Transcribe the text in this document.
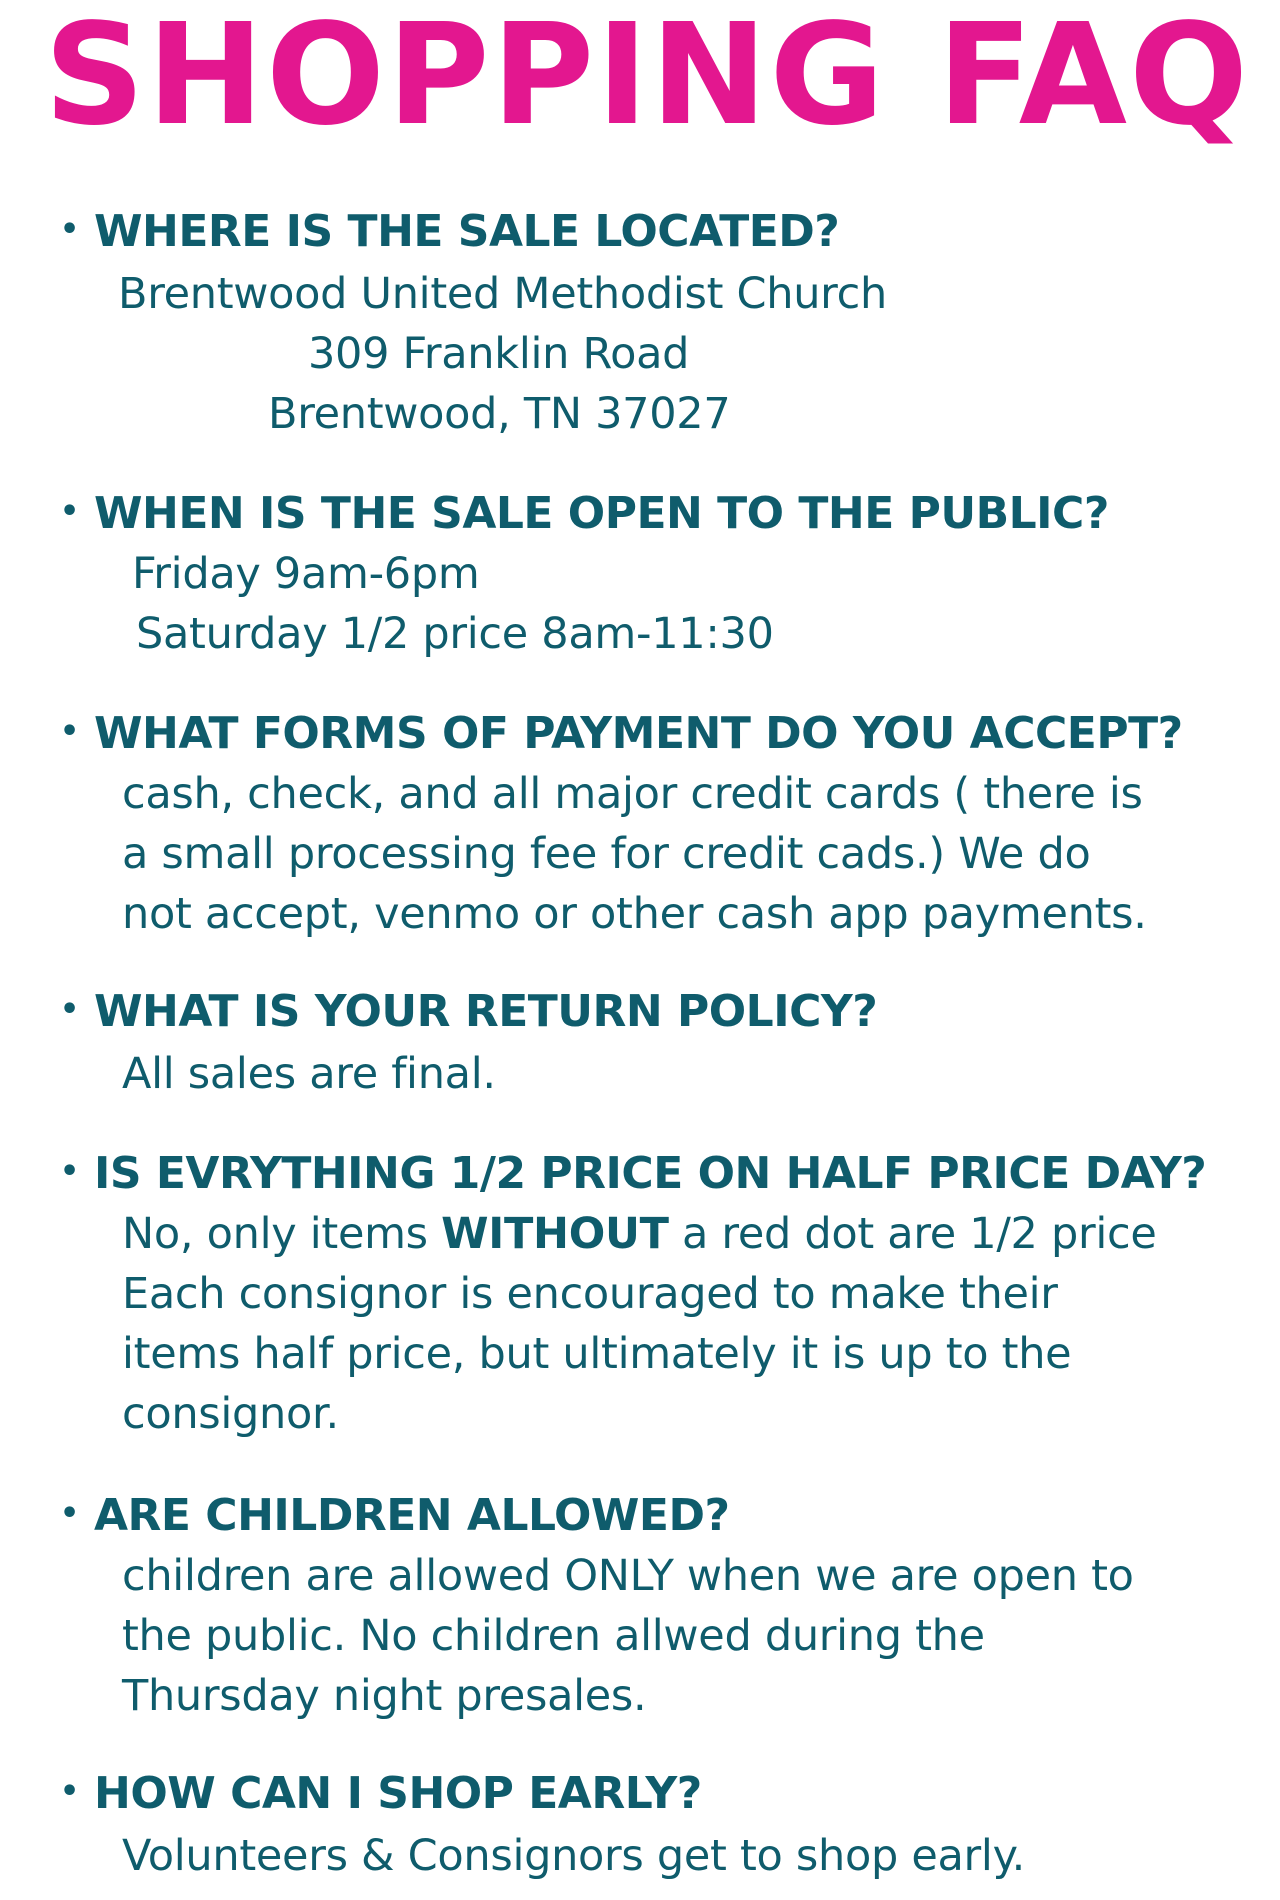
SHOPPING FAQ
• WHERE IS THE SALE LOCATED?
Brentwood United Methodist Church
309 Franklin Road
Brentwood, TN 37027
• WHEN IS THE SALE OPEN TO THE PUBLIC?
Friday 9am-6pm
Saturday 1/2 price 8am-11:30
• WHAT FORMS OF PAYMENT DO YOU ACCEPT?
cash, check, and all major credit cards ( there is
a small processing fee for credit cads.) We do
not accept, venmo or other cash app payments.
• WHAT IS YOUR RETURN POLICY?
All sales are final.
• IS EVRYTHING 1/2 PRICE ON HALF PRICE DAY?
No, only items WITHOUT a red dot are 1/2 price
Each consignor is encouraged to make their
items half price, but ultimately it is up to the
consignor.
• ARE CHILDREN ALLOWED?
children are allowed ONLY when we are open to
the public. No children allwed during the
Thursday night presales.
• HOW CAN I SHOP EARLY?
Volunteers & Consignors get to shop early.
